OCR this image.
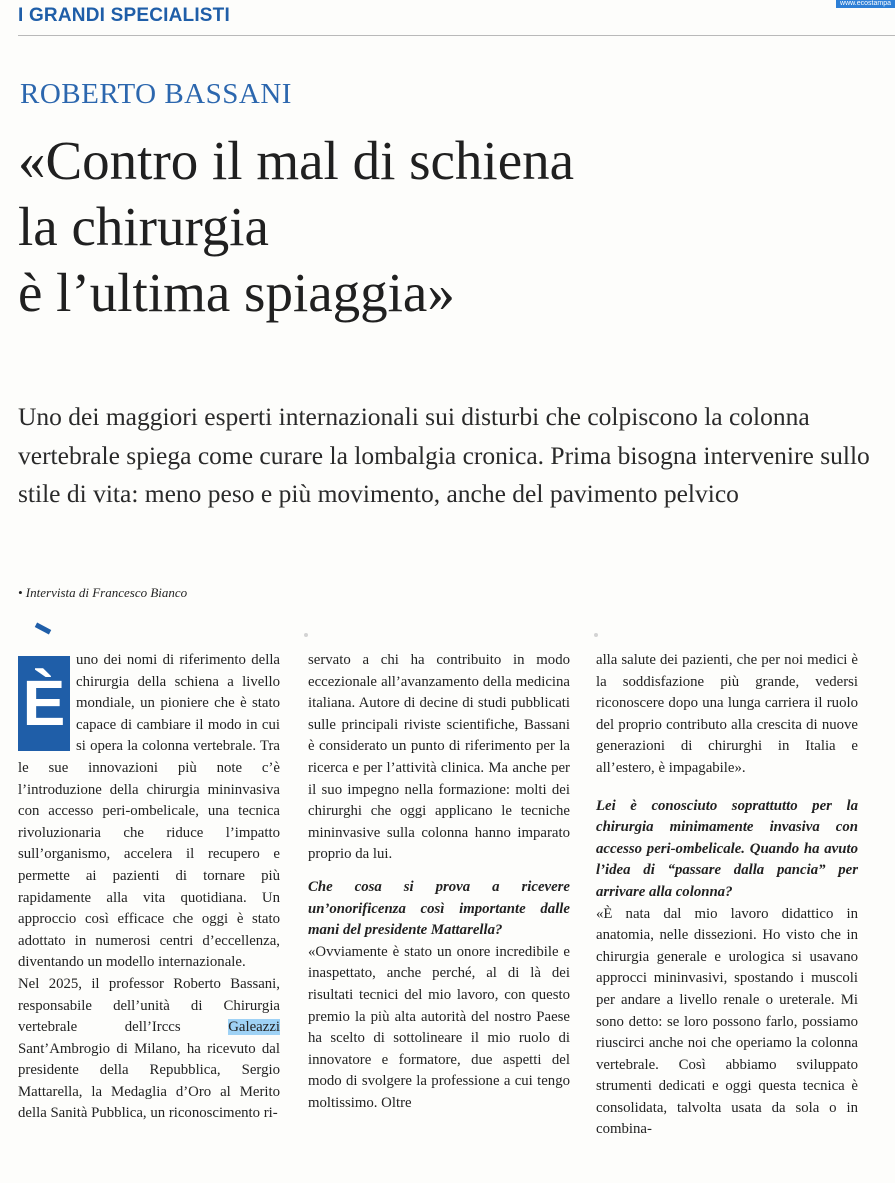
I GRANDI SPECIALISTI
www.ecostampa
ROBERTO BASSANI
«Contro il mal di schiena
la chirurgia
è l’ultima spiaggia»
Uno dei maggiori esperti internazionali sui disturbi che colpiscono la colonna vertebrale spiega come curare la lombalgia cronica. Prima bisogna intervenire sullo stile di vita: meno peso e più movimento, anche del pavimento pelvico
• Intervista di Francesco Bianco

È
uno dei nomi di riferimento della chirurgia della schiena a livello mondiale, un pioniere che è stato capace di cambiare il modo in cui si opera la colonna vertebrale. Tra le sue innovazioni più note c’è l’introduzione della chirurgia mininvasiva con accesso peri-ombelicale, una tecnica rivoluzionaria che riduce l’impatto sull’organismo, accelera il recupero e permette ai pazienti di tornare più rapidamente alla vita quotidiana. Un approccio così efficace che oggi è stato adottato in numerosi centri d’eccellenza, diventando un modello internazionale.

Nel 2025, il professor Roberto Bassani, responsabile dell’unità di Chirurgia vertebrale dell’Irccs Galeazzi Sant’Ambrogio di Milano, ha ricevuto dal presidente della Repubblica, Sergio Mattarella, la Medaglia d’Oro al Merito della Sanità Pubblica, un riconoscimento ri-

servato a chi ha contribuito in modo eccezionale all’avanzamento della medicina italiana. Autore di decine di studi pubblicati sulle principali riviste scientifiche, Bassani è considerato un punto di riferimento per la ricerca e per l’attività clinica. Ma anche per il suo impegno nella formazione: molti dei chirurghi che oggi applicano le tecniche mininvasive sulla colonna hanno imparato proprio da lui.

Che cosa si prova a ricevere un’onorificenza così importante dalle mani del presidente Mattarella?

«Ovviamente è stato un onore incredibile e inaspettato, anche perché, al di là dei risultati tecnici del mio lavoro, con questo premio la più alta autorità del nostro Paese ha scelto di sottolineare il mio ruolo di innovatore e formatore, due aspetti del modo di svolgere la professione a cui tengo moltissimo. Oltre

alla salute dei pazienti, che per noi medici è la soddisfazione più grande, vedersi riconoscere dopo una lunga carriera il ruolo del proprio contributo alla crescita di nuove generazioni di chirurghi in Italia e all’estero, è impagabile».

Lei è conosciuto soprattutto per la chirurgia minimamente invasiva con accesso peri-ombelicale. Quando ha avuto l’idea di “passare dalla pancia” per arrivare alla colonna?

«È nata dal mio lavoro didattico in anatomia, nelle dissezioni. Ho visto che in chirurgia generale e urologica si usavano approcci mininvasivi, spostando i muscoli per andare a livello renale o ureterale. Mi sono detto: se loro possono farlo, possiamo riuscirci anche noi che operiamo la colonna vertebrale. Così abbiamo sviluppato strumenti dedicati e oggi questa tecnica è consolidata, talvolta usata da sola o in combina-
